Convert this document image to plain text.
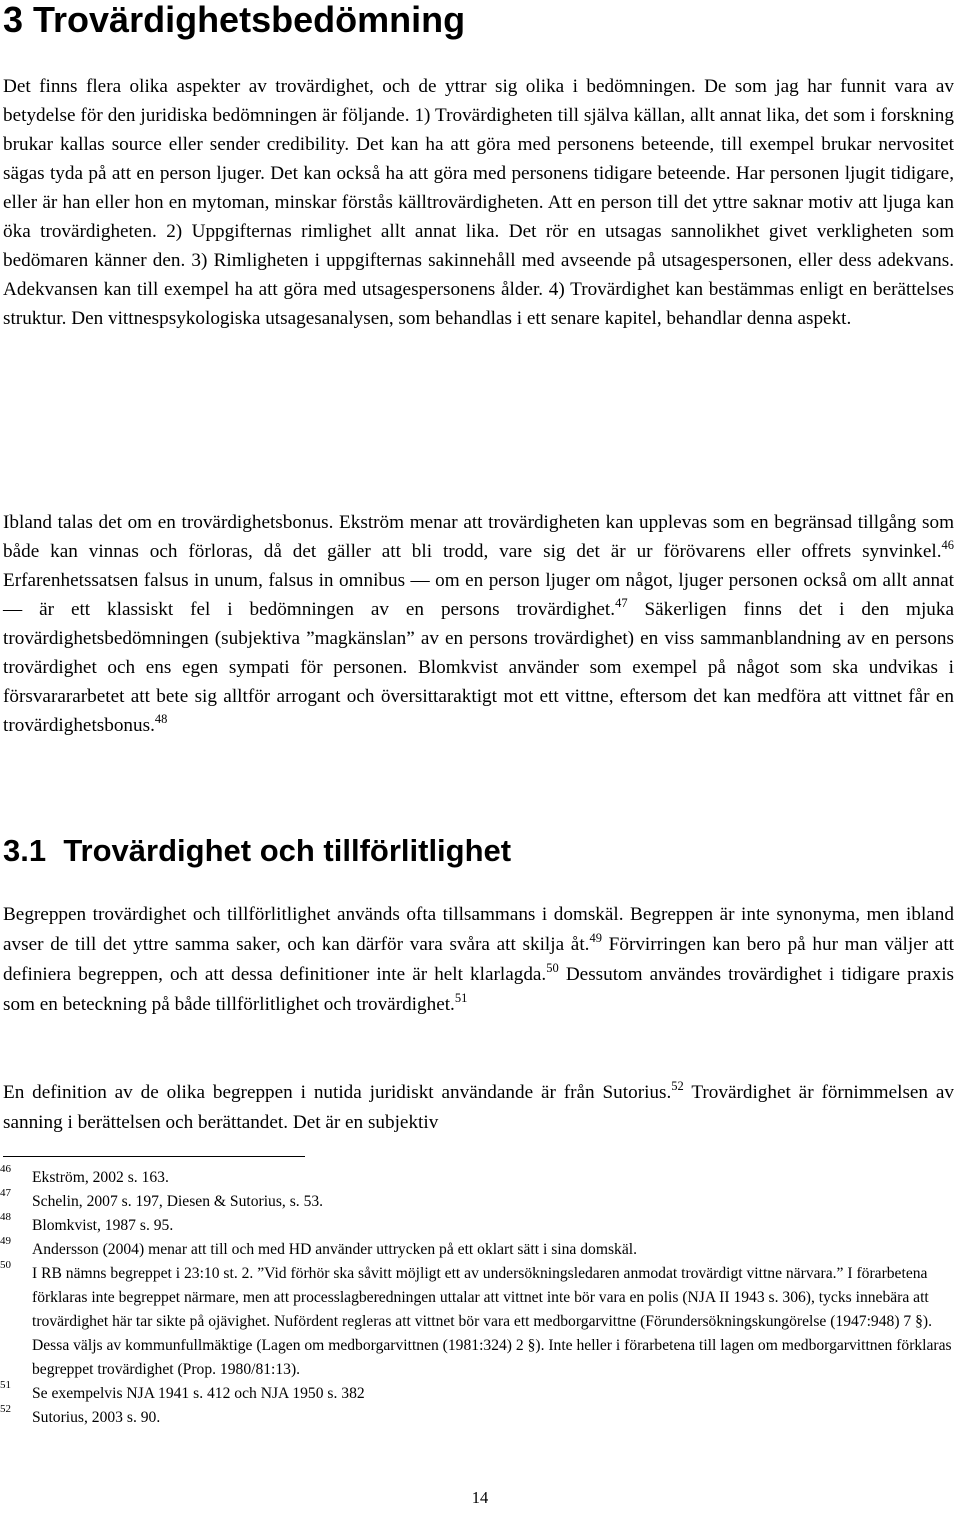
3 Trovärdighetsbedömning

Det finns flera olika aspekter av trovärdighet, och de yttrar sig olika i bedömningen. De som jag har funnit vara av betydelse för den juridiska bedömningen är följande. 1) Trovärdigheten till själva källan, allt annat lika, det som i forskning brukar kallas source eller sender credibility. Det kan ha att göra med personens beteende, till exempel brukar nervositet sägas tyda på att en person ljuger. Det kan också ha att göra med personens tidigare beteende. Har personen ljugit tidigare, eller är han eller hon en mytoman, minskar förstås källtrovärdigheten. Att en person till det yttre saknar motiv att ljuga kan öka trovärdigheten. 2) Uppgifternas rimlighet allt annat lika. Det rör en utsagas sannolikhet givet verkligheten som bedömaren känner den. 3) Rimligheten i uppgifternas sakinnehåll med avseende på utsagespersonen, eller dess adekvans. Adekvansen kan till exempel ha att göra med utsagespersonens ålder. 4) Trovärdighet kan bestämmas enligt en berättelses struktur. Den vittnespsykologiska utsagesanalysen, som behandlas i ett senare kapitel, behandlar denna aspekt.

Ibland talas det om en trovärdighetsbonus. Ekström menar att trovärdigheten kan upplevas som en begränsad tillgång som både kan vinnas och förloras, då det gäller att bli trodd, vare sig det är ur förövarens eller offrets synvinkel.$^{46}$ Erfarenhetssatsen falsus in unum, falsus in omnibus — om en person ljuger om något, ljuger personen också om allt annat — är ett klassiskt fel i bedömningen av en persons trovärdighet.$^{47}$ Säkerligen finns det i den mjuka trovärdighetsbedömningen (subjektiva ”magkänslan” av en persons trovärdighet) en viss sammanblandning av en persons trovärdighet och ens egen sympati för personen. Blomkvist använder som exempel på något som ska undvikas i försvarararbetet att bete sig alltför arrogant och översittaraktigt mot ett vittne, eftersom det kan medföra att vittnet får en trovärdighetsbonus.$^{48}$

3.1  Trovärdighet och tillförlitlighet

Begreppen trovärdighet och tillförlitlighet används ofta tillsammans i domskäl. Begreppen är inte synonyma, men ibland avser de till det yttre samma saker, och kan därför vara svåra att skilja åt.$^{49}$ Förvirringen kan bero på hur man väljer att definiera begreppen, och att dessa definitioner inte är helt klarlagda.$^{50}$ Dessutom användes trovärdighet i tidigare praxis som en beteckning på både tillförlitlighet och trovärdighet.$^{51}$

En definition av de olika begreppen i nutida juridiskt användande är från Sutorius.$^{52}$ Trovärdighet är förnimmelsen av sanning i berättelsen och berättandet. Det är en subjektiv

46 Ekström, 2002 s. 163.
47 Schelin, 2007 s. 197, Diesen & Sutorius, s. 53.
48 Blomkvist, 1987 s. 95.
49 Andersson (2004) menar att till och med HD använder uttrycken på ett oklart sätt i sina domskäl.
50 I RB nämns begreppet i 23:10 st. 2. ”Vid förhör ska såvitt möjligt ett av undersökningsledaren anmodat trovärdigt vittne närvara.” I förarbetena förklaras inte begreppet närmare, men att processlagberedningen uttalar att vittnet inte bör vara en polis (NJA II 1943 s. 306), tycks innebära att trovärdighet här tar sikte på ojävighet. Nufördent regleras att vittnet bör vara ett medborgarvittne (Förundersökningskungörelse (1947:948) 7 §). Dessa väljs av kommunfullmäktige (Lagen om medborgarvittnen (1981:324) 2 §). Inte heller i förarbetena till lagen om medborgarvittnen förklaras begreppet trovärdighet (Prop. 1980/81:13).
51 Se exempelvis NJA 1941 s. 412 och NJA 1950 s. 382
52 Sutorius, 2003 s. 90.
14
